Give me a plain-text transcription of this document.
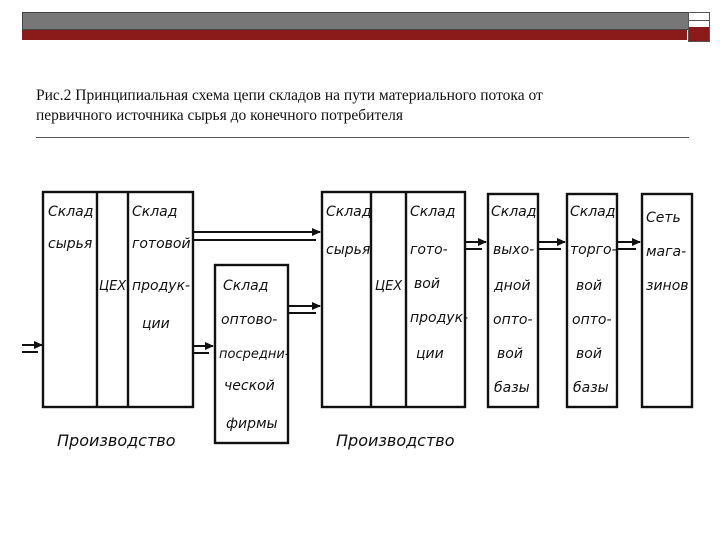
Рис.2 Принципиальная схема цепи складов на пути материального потока от
первичного источника сырья до конечного потребителя
Склад
сырья
ЦЕХ
Склад
готовой
продук-
ции
Склад
оптово-
посредни-
ческой
фирмы
Склад
сырья
ЦЕХ
Склад
гото-
вой
продук-
ции
Склад
выхо-
дной
опто-
вой
базы
Склад
торго-
вой
опто-
вой
базы
Сеть
мага-
зинов
Производство	Производство
